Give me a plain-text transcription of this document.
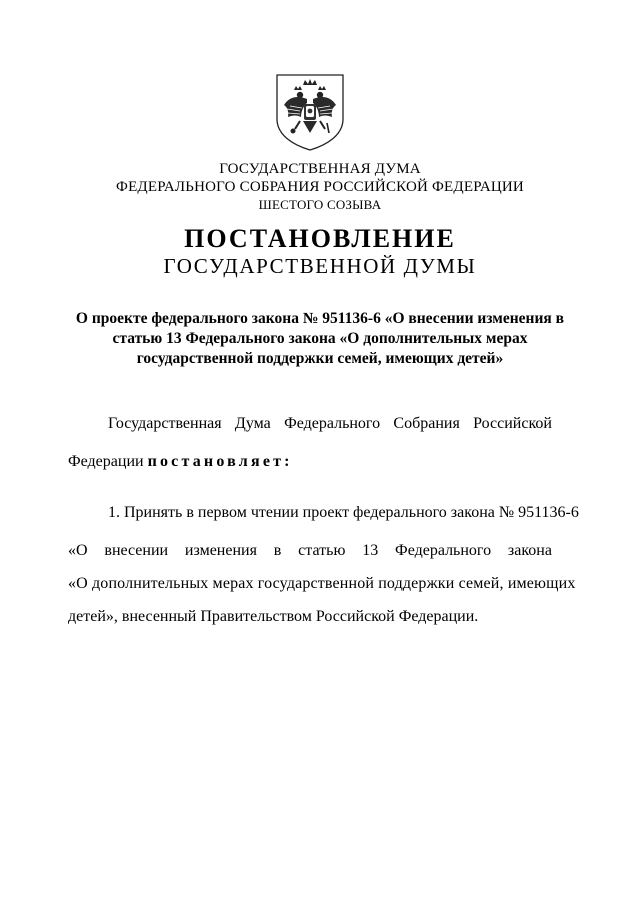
ГОСУДАРСТВЕННАЯ ДУМА
ФЕДЕРАЛЬНОГО СОБРАНИЯ РОССИЙСКОЙ ФЕДЕРАЦИИ
ШЕСТОГО СОЗЫВА
ПОСТАНОВЛЕНИЕ
ГОСУДАРСТВЕННОЙ ДУМЫ
О проекте федерального закона № 951136-6 «О внесении изменения в
статью 13 Федерального закона «О дополнительных мерах
государственной поддержки семей, имеющих детей»
Государственная Дума Федерального Собрания Российской
Федерации постановляет:
1. Принять в первом чтении проект федерального закона № 951136-6
«О внесении изменения в статью 13 Федерального закона
«О дополнительных мерах государственной поддержки семей, имеющих
детей», внесенный Правительством Российской Федерации.
